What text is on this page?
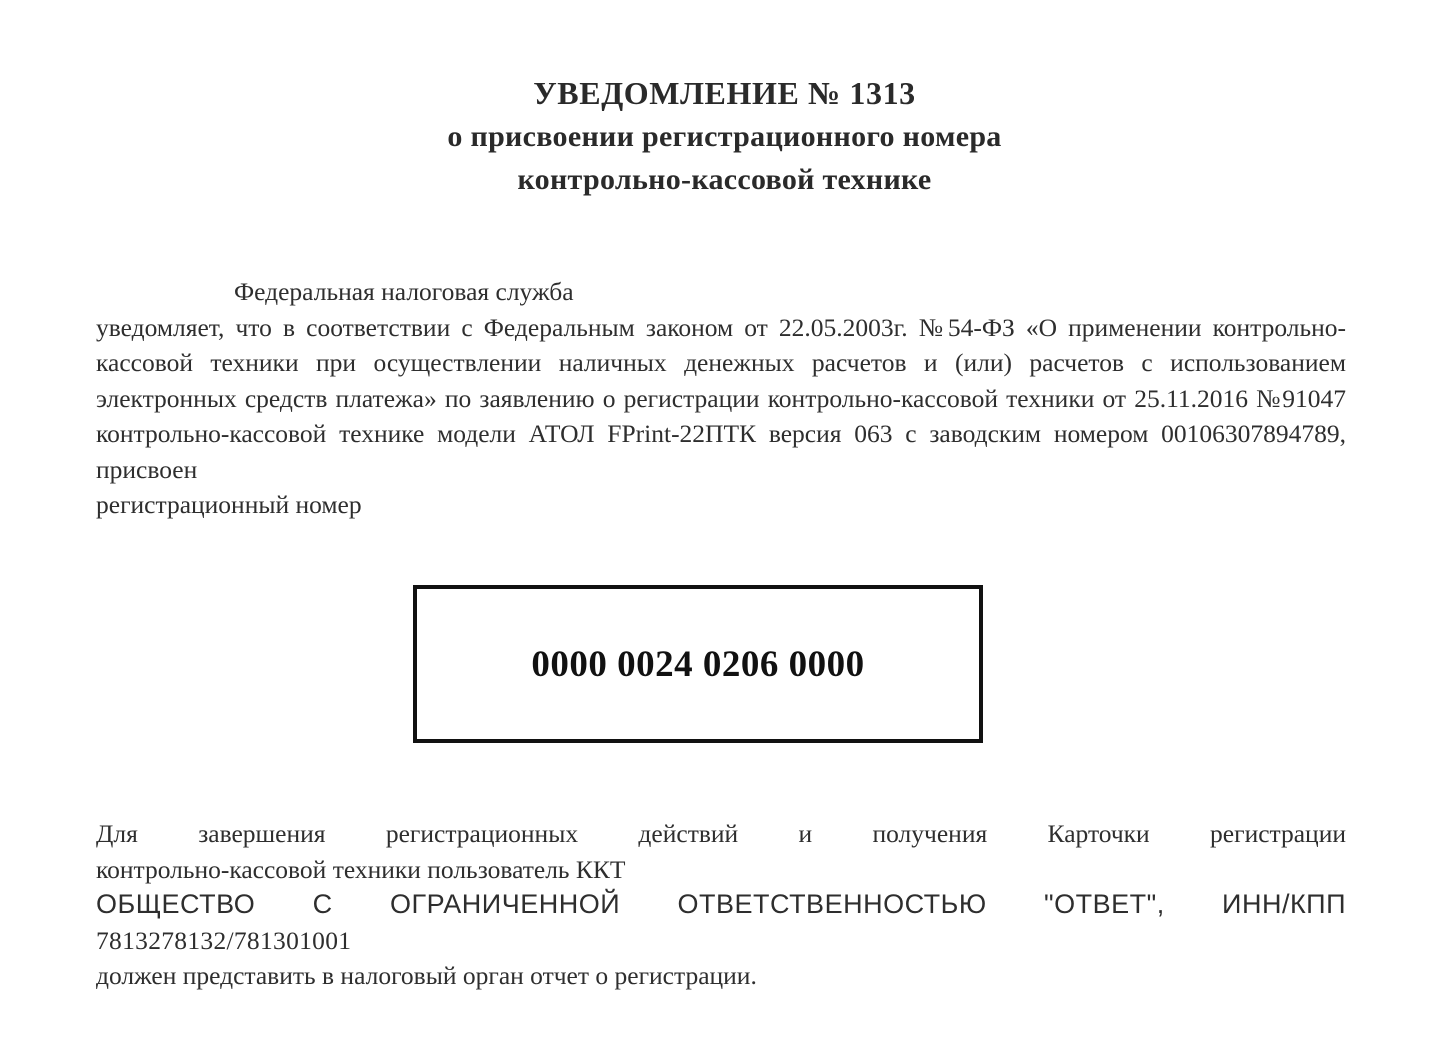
УВЕДОМЛЕНИЕ № 1313
о присвоении регистрационного номера
контрольно-кассовой технике
Федеральная налоговая служба
уведомляет, что в соответствии с Федеральным законом от 22.05.2003г. №54-ФЗ «О применении контрольно-кассовой техники при осуществлении наличных денежных расчетов и (или) расчетов с использованием электронных средств платежа» по заявлению о регистрации контрольно-кассовой техники от 25.11.2016 №91047 контрольно-кассовой технике модели АТОЛ FPrint-22ПТК версия 063 с заводским номером 00106307894789, присвоен
регистрационный номер
0000 0024 0206 0000
Для завершения регистрационных действий и получения Карточки регистрации
контрольно-кассовой техники пользователь ККТ
ОБЩЕСТВО С ОГРАНИЧЕННОЙ ОТВЕТСТВЕННОСТЬЮ "ОТВЕТ", ИНН/КПП
7813278132/781301001
должен представить в налоговый орган отчет о регистрации.
